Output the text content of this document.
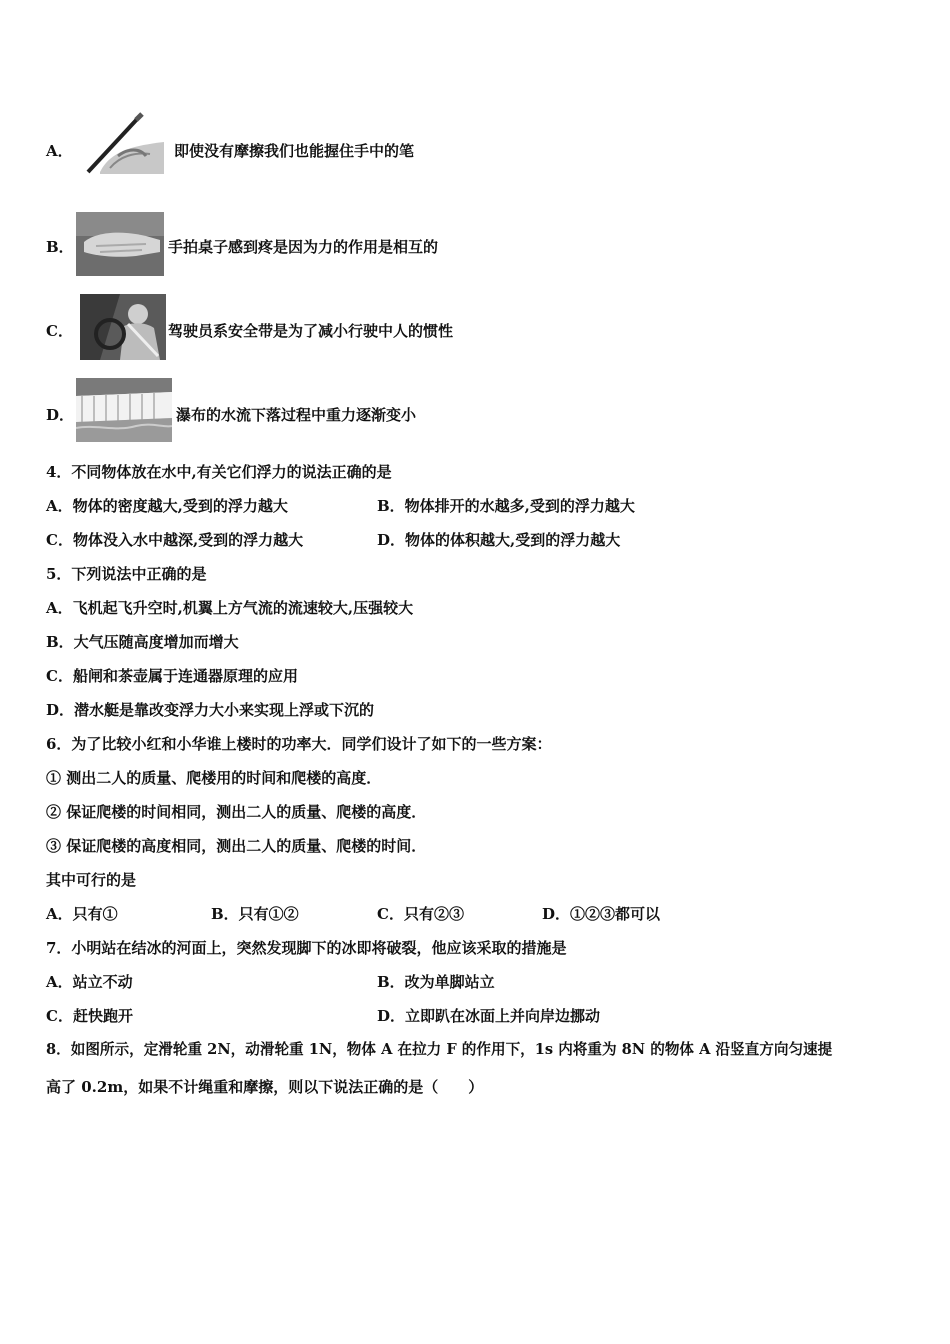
A．	即使没有摩擦我们也能握住手中的笔
B．	手拍桌子感到疼是因为力的作用是相互的
C．	驾驶员系安全带是为了减小行驶中人的惯性
D．	瀑布的水流下落过程中重力逐渐变小
4．不同物体放在水中,有关它们浮力的说法正确的是
A．物体的密度越大,受到的浮力越大	B．物体排开的水越多,受到的浮力越大
C．物体没入水中越深,受到的浮力越大	D．物体的体积越大,受到的浮力越大
5．下列说法中正确的是
A．飞机起飞升空时,机翼上方气流的流速较大,压强较大
B．大气压随高度增加而增大
C．船闸和茶壶属于连通器原理的应用
D．潜水艇是靠改变浮力大小来实现上浮或下沉的
6．为了比较小红和小华谁上楼时的功率大．同学们设计了如下的一些方案：
① 测出二人的质量、爬楼用的时间和爬楼的高度．
② 保证爬楼的时间相同，测出二人的质量、爬楼的高度．
③ 保证爬楼的高度相同，测出二人的质量、爬楼的时间．
其中可行的是
A．只有①	B．只有①②	C．只有②③	D．①②③都可以
7．小明站在结冰的河面上，突然发现脚下的冰即将破裂，他应该采取的措施是
A．站立不动	B．改为单脚站立
C．赶快跑开	D．立即趴在冰面上并向岸边挪动
8．如图所示，定滑轮重 2N，动滑轮重 1N，物体 A 在拉力 F 的作用下，1s 内将重为 8N 的物体 A 沿竖直方向匀速提
高了 0.2m，如果不计绳重和摩擦，则以下说法正确的是（　　）
